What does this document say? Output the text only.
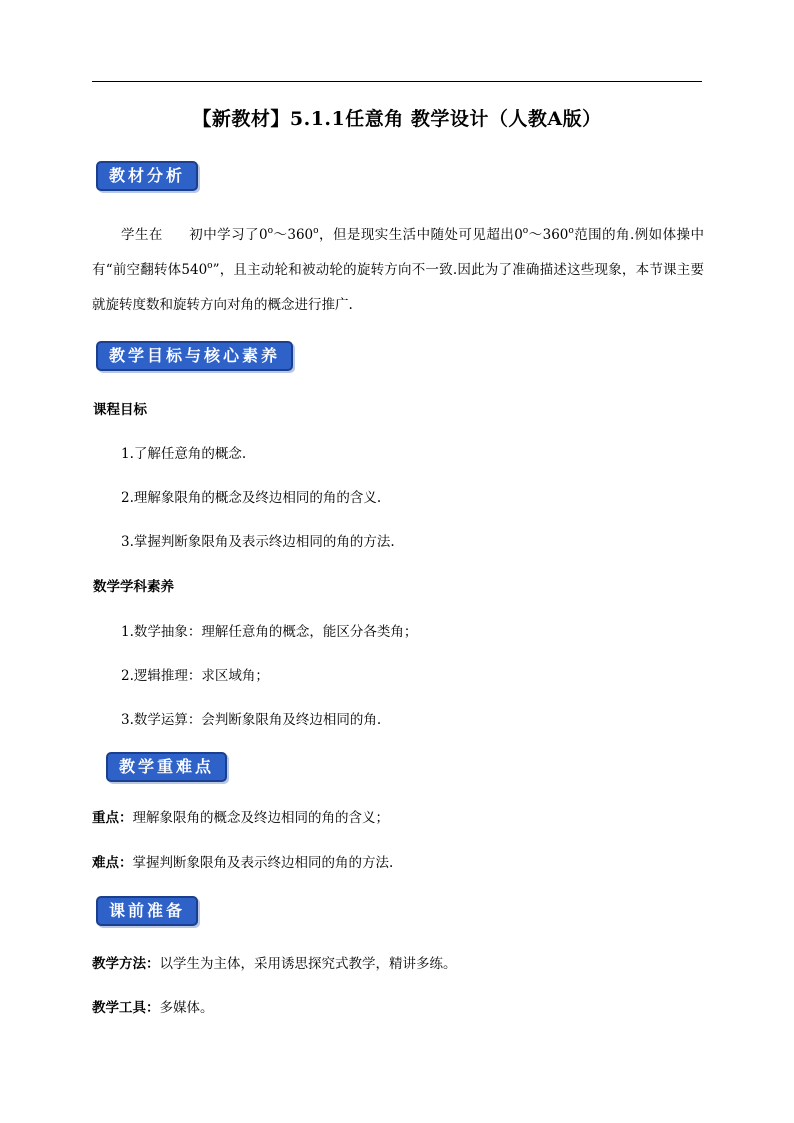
【新教材】5.1.1任意角 教学设计（人教A版）
教材分析
学生在 初中学习了0$^o$～360$^o$，但是现实生活中随处可见超出0$^o$～360$^o$范围的角.例如体操中有“前空翻转体540$^o$”，且主动轮和被动轮的旋转方向不一致.因此为了准确描述这些现象，本节课主要就旋转度数和旋转方向对角的概念进行推广.
教学目标与核心素养
课程目标
1.了解任意角的概念.
2.理解象限角的概念及终边相同的角的含义.
3.掌握判断象限角及表示终边相同的角的方法.
数学学科素养
1.数学抽象：理解任意角的概念，能区分各类角；
2.逻辑推理：求区域角；
3.数学运算：会判断象限角及终边相同的角.
教学重难点
重点：理解象限角的概念及终边相同的角的含义；
难点：掌握判断象限角及表示终边相同的角的方法.
课前准备
教学方法：以学生为主体，采用诱思探究式教学，精讲多练。
教学工具：多媒体。
